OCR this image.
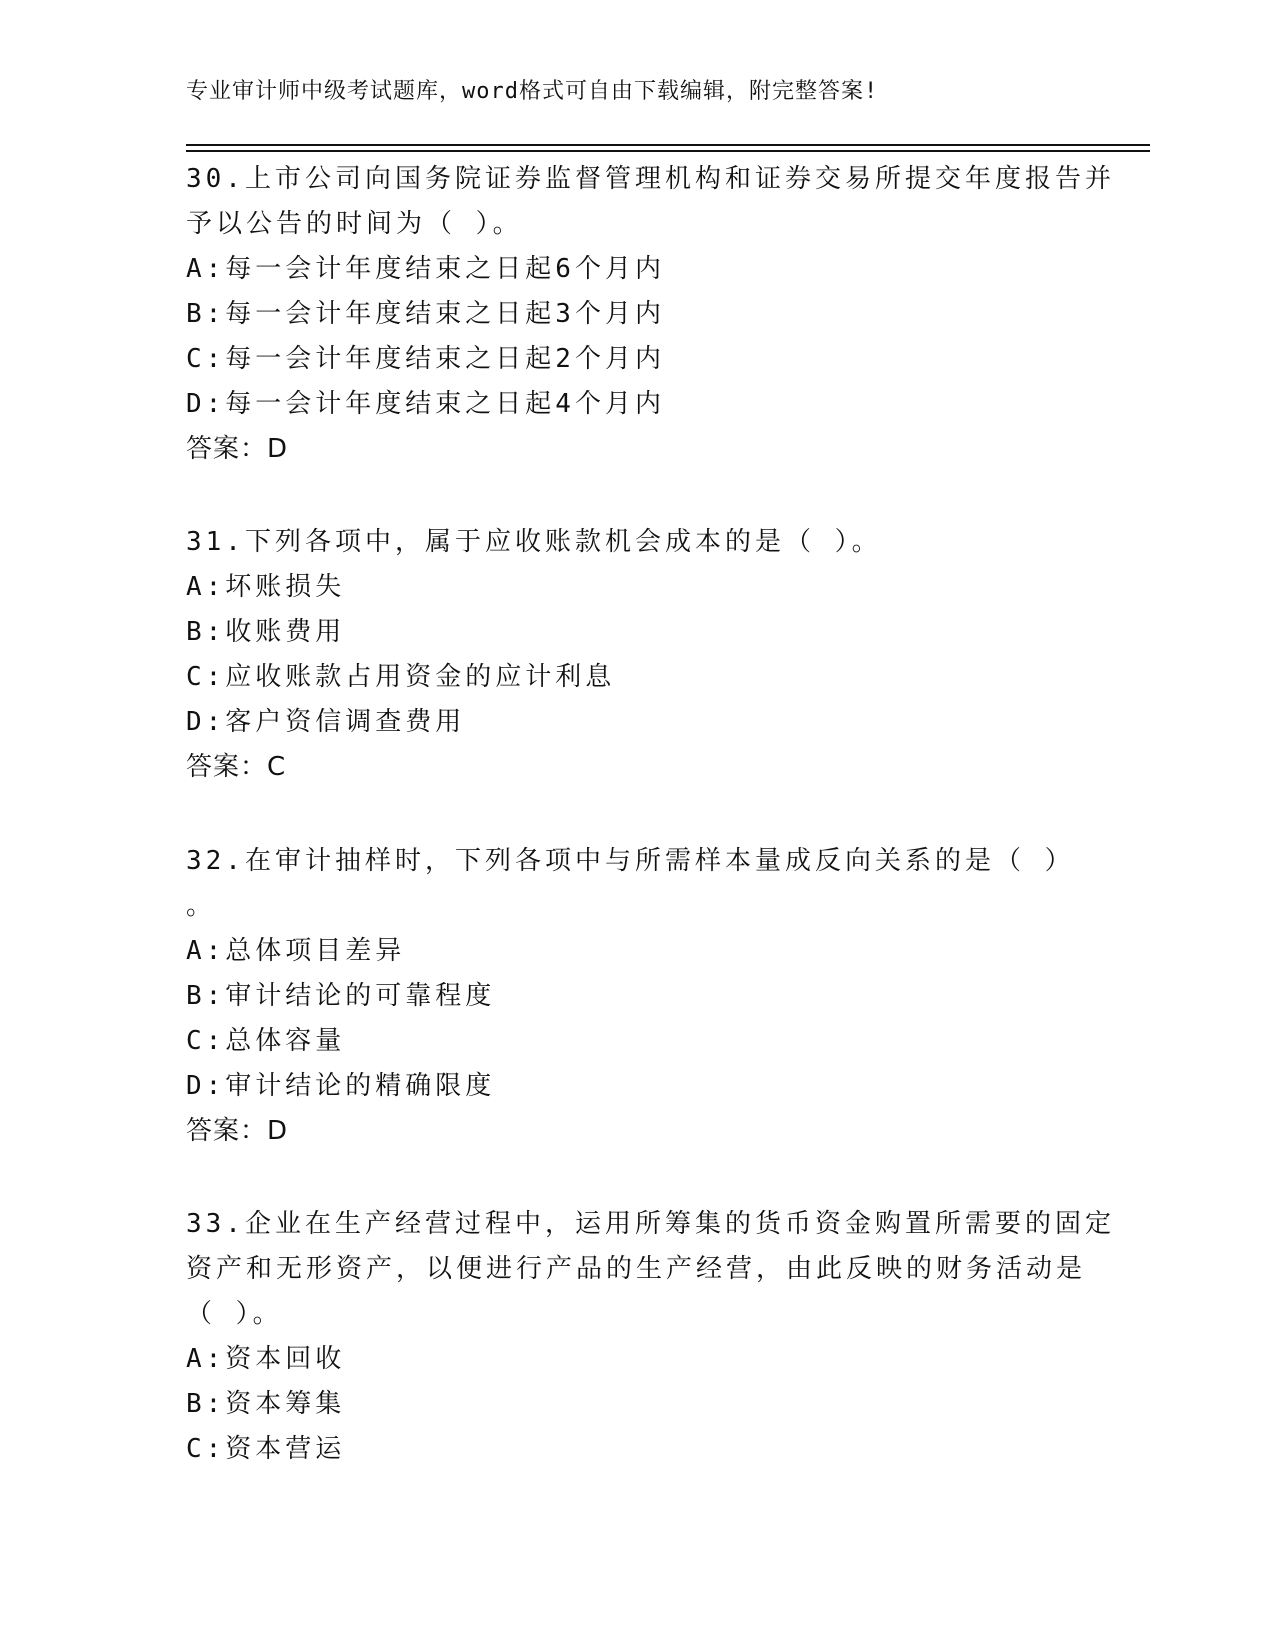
专业审计师中级考试题库，word格式可自由下载编辑，附完整答案!
30.上市公司向国务院证券监督管理机构和证券交易所提交年度报告并
予以公告的时间为（ ）。
A:每一会计年度结束之日起6个月内
B:每一会计年度结束之日起3个月内
C:每一会计年度结束之日起2个月内
D:每一会计年度结束之日起4个月内
答案：D
31.下列各项中，属于应收账款机会成本的是（ ）。
A:坏账损失
B:收账费用
C:应收账款占用资金的应计利息
D:客户资信调查费用
答案：C
32.在审计抽样时，下列各项中与所需样本量成反向关系的是（ ）
。
A:总体项目差异
B:审计结论的可靠程度
C:总体容量
D:审计结论的精确限度
答案：D
33.企业在生产经营过程中，运用所筹集的货币资金购置所需要的固定
资产和无形资产，以便进行产品的生产经营，由此反映的财务活动是
（ ）。
A:资本回收
B:资本筹集
C:资本营运
